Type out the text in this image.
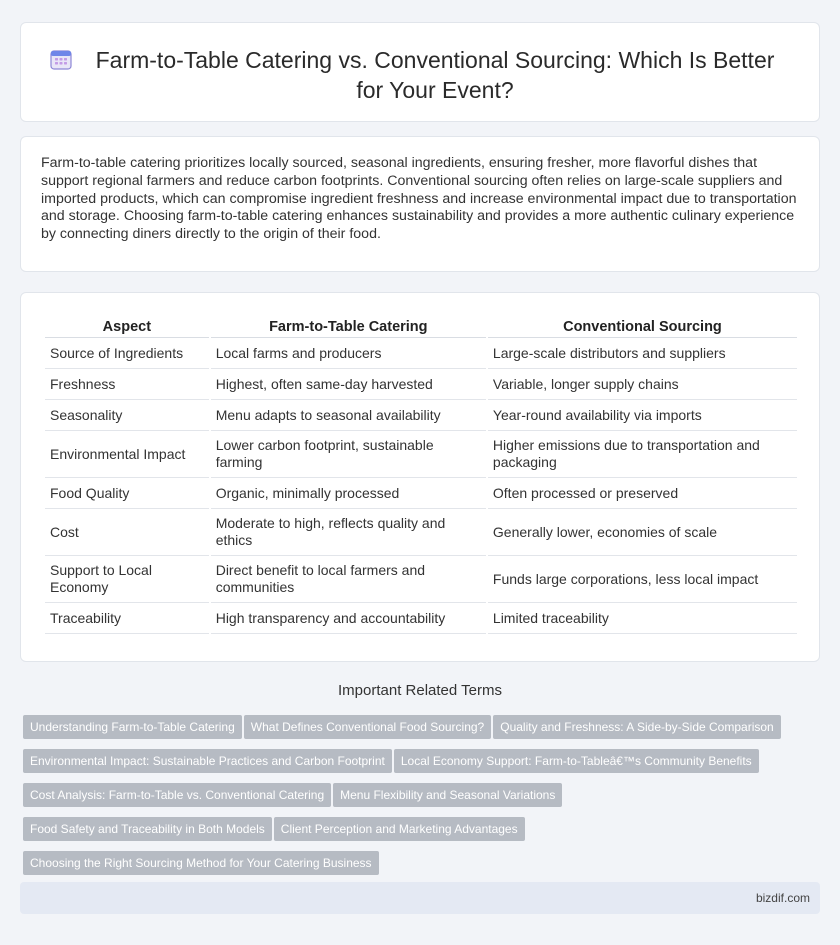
Farm-to-Table Catering vs. Conventional Sourcing: Which Is Better for Your Event?

Farm-to-table catering prioritizes locally sourced, seasonal ingredients, ensuring fresher, more flavorful dishes that support regional farmers and reduce carbon footprints. Conventional sourcing often relies on large-scale suppliers and imported products, which can compromise ingredient freshness and increase environmental impact due to transportation and storage. Choosing farm-to-table catering enhances sustainability and provides a more authentic culinary experience by connecting diners directly to the origin of their food.

Aspect	Farm-to-Table Catering	Conventional Sourcing
Source of Ingredients	Local farms and producers	Large-scale distributors and suppliers
Freshness	Highest, often same-day harvested	Variable, longer supply chains
Seasonality	Menu adapts to seasonal availability	Year-round availability via imports
Environmental Impact	Lower carbon footprint, sustainable farming	Higher emissions due to transportation and packaging
Food Quality	Organic, minimally processed	Often processed or preserved
Cost	Moderate to high, reflects quality and ethics	Generally lower, economies of scale
Support to Local Economy	Direct benefit to local farmers and communities	Funds large corporations, less local impact
Traceability	High transparency and accountability	Limited traceability
Important Related Terms
Understanding Farm-to-Table Catering What Defines Conventional Food Sourcing? Quality and Freshness: A Side-by-Side Comparison
Environmental Impact: Sustainable Practices and Carbon Footprint Local Economy Support: Farm-to-Tableâ€™s Community Benefits
Cost Analysis: Farm-to-Table vs. Conventional Catering Menu Flexibility and Seasonal Variations
Food Safety and Traceability in Both Models Client Perception and Marketing Advantages
Choosing the Right Sourcing Method for Your Catering Business
bizdif.com
